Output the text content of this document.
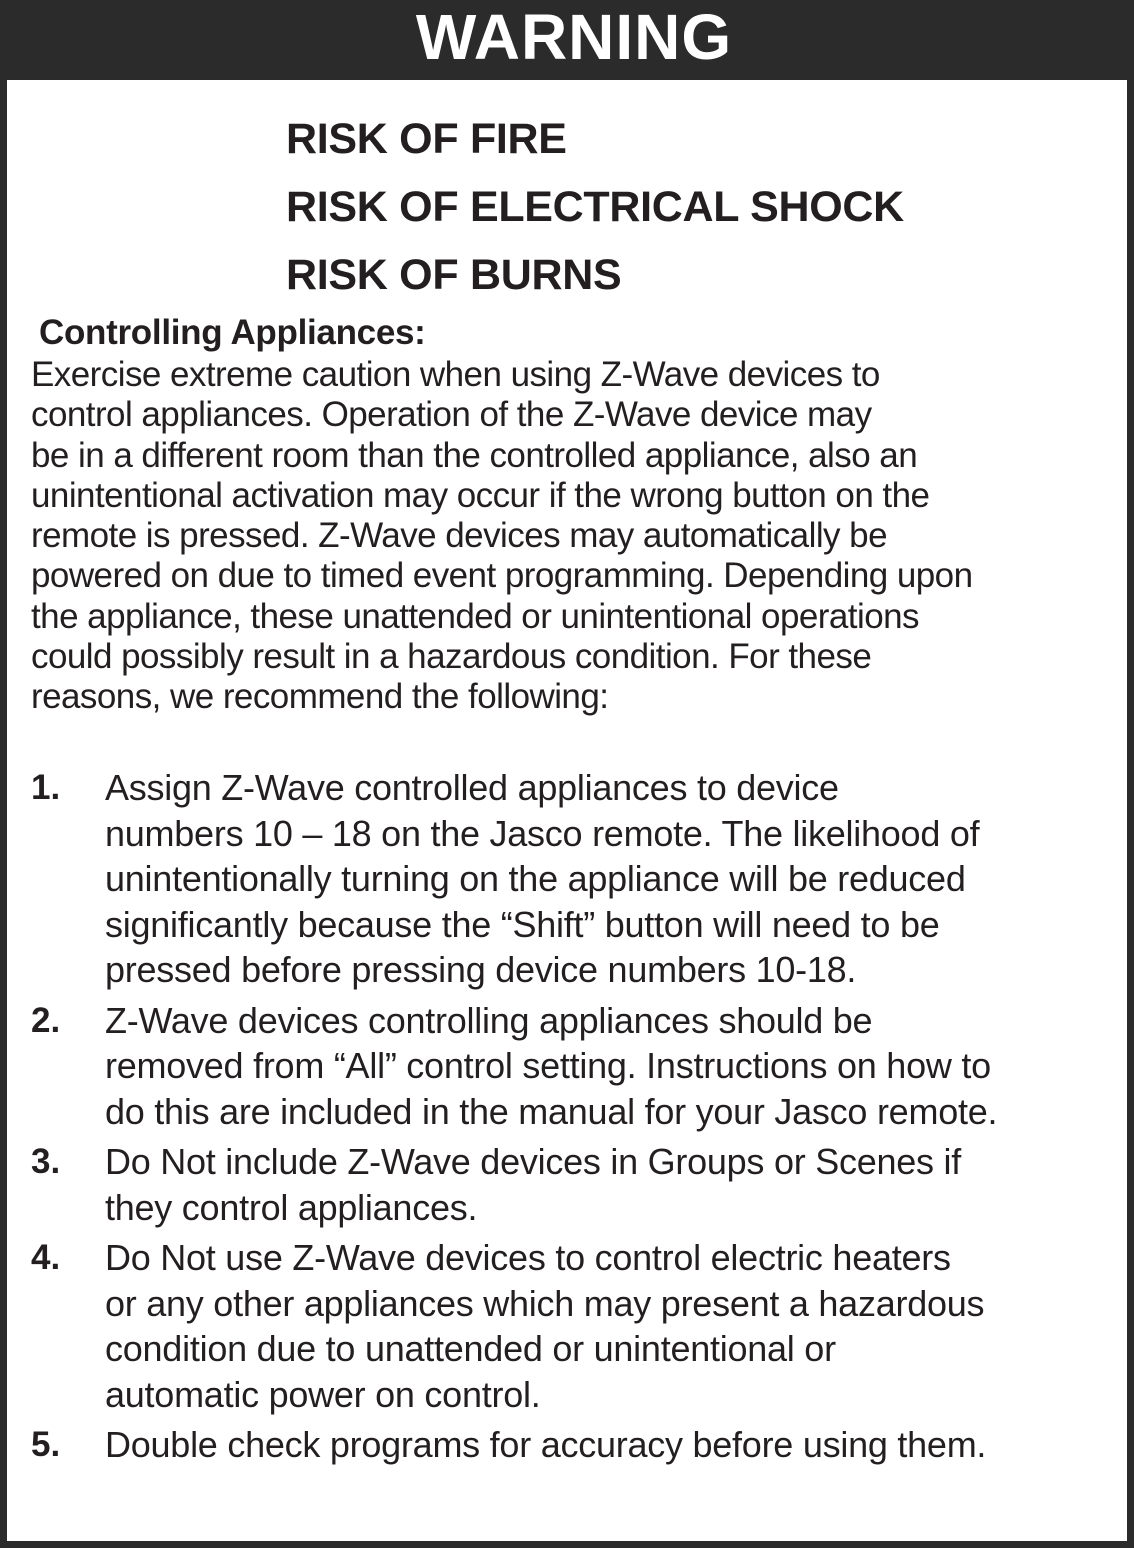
WARNING
RISK OF FIRE
RISK OF ELECTRICAL SHOCK
RISK OF BURNS
Controlling Appliances:
Exercise extreme caution when using Z-Wave devices to
control appliances. Operation of the Z-Wave device may
be in a different room than the controlled appliance, also an
unintentional activation may occur if the wrong button on the
remote is pressed. Z-Wave devices may automatically be
powered on due to timed event programming. Depending upon
the appliance, these unattended or unintentional operations
could possibly result in a hazardous condition. For these
reasons, we recommend the following:
1. Assign Z-Wave controlled appliances to device
numbers 10 – 18 on the Jasco remote. The likelihood of
unintentionally turning on the appliance will be reduced
significantly because the “Shift” button will need to be
pressed before pressing device numbers 10-18.
2. Z-Wave devices controlling appliances should be
removed from “All” control setting. Instructions on how to
do this are included in the manual for your Jasco remote.
3. Do Not include Z-Wave devices in Groups or Scenes if
they control appliances.
4. Do Not use Z-Wave devices to control electric heaters
or any other appliances which may present a hazardous
condition due to unattended or unintentional or
automatic power on control.
5. Double check programs for accuracy before using them.
